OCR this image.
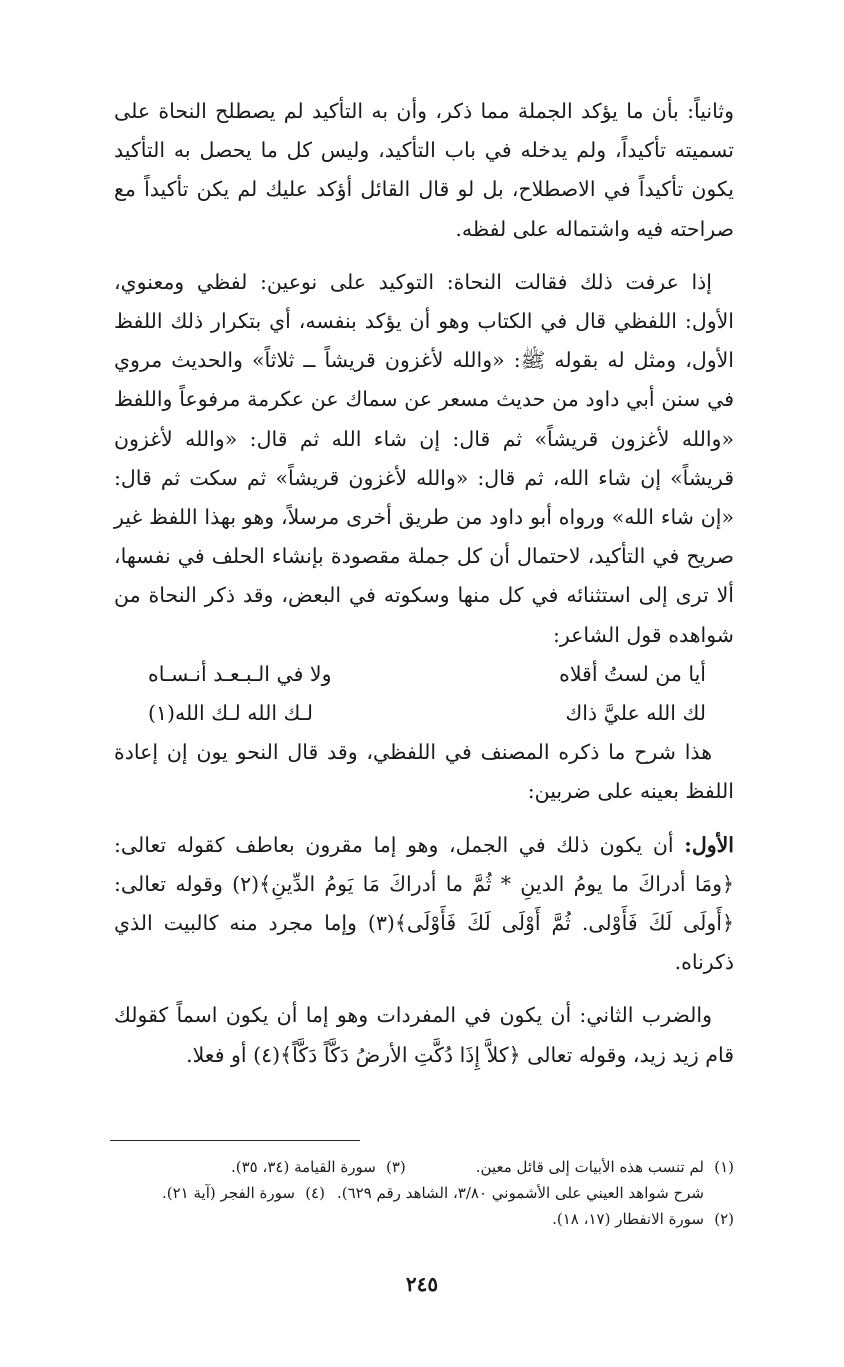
وثانياً: بأن ما يؤكد الجملة مما ذكر، وأن به التأكيد لم يصطلح النحاة على تسميته تأكيداً، ولم يدخله في باب التأكيد، وليس كل ما يحصل به التأكيد يكون تأكيداً في الاصطلاح، بل لو قال القائل أؤكد عليك لم يكن تأكيداً مع صراحته فيه واشتماله على لفظه.

إذا عرفت ذلك فقالت النحاة: التوكيد على نوعين: لفظي ومعنوي، الأول: اللفظي قال في الكتاب وهو أن يؤكد بنفسه، أي بتكرار ذلك اللفظ الأول، ومثل له بقوله ﷺ: «والله لأغزون قريشاً ــ ثلاثاً» والحديث مروي في سنن أبي داود من حديث مسعر عن سماك عن عكرمة مرفوعاً واللفظ «والله لأغزون قريشاً» ثم قال: إن شاء الله ثم قال: «والله لأغزون قريشاً» إن شاء الله، ثم قال: «والله لأغزون قريشاً» ثم سكت ثم قال: «إن شاء الله» ورواه أبو داود من طريق أخرى مرسلاً، وهو بهذا اللفظ غير صريح في التأكيد، لاحتمال أن كل جملة مقصودة بإنشاء الحلف في نفسها، ألا ترى إلى استثنائه في كل منها وسكوته في البعض، وقد ذكر النحاة من شواهده قول الشاعر:

أيا من لستُ أقلاه
ولا في الـبـعـد أنـسـاه
لك الله عليَّ ذاك
لـك الله لـك الله(١)

هذا شرح ما ذكره المصنف في اللفظي، وقد قال النحو يون إن إعادة اللفظ بعينه على ضربين:

الأول: أن يكون ذلك في الجمل، وهو إما مقرون بعاطف كقوله تعالى: ﴿ومَا أدراكَ ما يومُ الدينِ * ثُمَّ ما أدراكَ مَا يَومُ الدِّينِ﴾(٢) وقوله تعالى: ﴿أَولَى لَكَ فَأَوْلى. ثُمَّ أَوْلَى لَكَ فَأَوْلَى﴾(٣) وإما مجرد منه كالبيت الذي ذكرناه.

والضرب الثاني: أن يكون في المفردات وهو إما أن يكون اسماً كقولك قام زيد زيد، وقوله تعالى ﴿كلاَّ إِذَا دُكَّتِ الأرضُ دَكَّاً دَكَّاً﴾(٤) أو فعلا.

(١)
لم تنسب هذه الأبيات إلى قائل معين.
(٣)
سورة القيامة (٣٤، ٣٥).
شرح شواهد العيني على الأشموني ٣/٨٠، الشاهد رقم ٦٢٩).
(٤)
سورة الفجر (آية ٢١).
(٢)
سورة الانفطار (١٧، ١٨).
٢٤٥
